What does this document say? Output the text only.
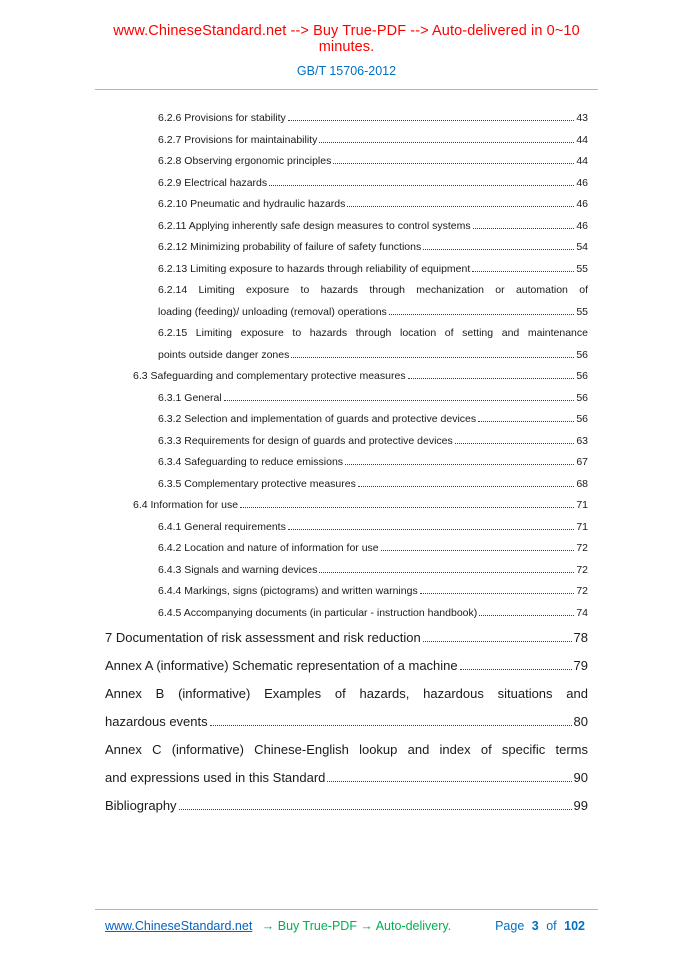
www.ChineseStandard.net --> Buy True-PDF --> Auto-delivered in 0~10 minutes.
GB/T 15706-2012
6.2.6 Provisions for stability	43
6.2.7 Provisions for maintainability	44
6.2.8 Observing ergonomic principles	44
6.2.9 Electrical hazards	46
6.2.10 Pneumatic and hydraulic hazards	46
6.2.11 Applying inherently safe design measures to control systems	46
6.2.12 Minimizing probability of failure of safety functions	54
6.2.13 Limiting exposure to hazards through reliability of equipment	55
6.2.14 Limiting exposure to hazards through mechanization or automation of
loading (feeding)/ unloading (removal) operations	55
6.2.15 Limiting exposure to hazards through location of setting and maintenance
points outside danger zones	56
6.3 Safeguarding and complementary protective measures	56
6.3.1 General	56
6.3.2 Selection and implementation of guards and protective devices	56
6.3.3 Requirements for design of guards and protective devices	63
6.3.4 Safeguarding to reduce emissions	67
6.3.5 Complementary protective measures	68
6.4 Information for use	71
6.4.1 General requirements	71
6.4.2 Location and nature of information for use	72
6.4.3 Signals and warning devices	72
6.4.4 Markings, signs (pictograms) and written warnings	72
6.4.5 Accompanying documents (in particular - instruction handbook)	74
7 Documentation of risk assessment and risk reduction	78
Annex A (informative) Schematic representation of a machine	79
Annex B (informative) Examples of hazards, hazardous situations and
hazardous events	80
Annex C (informative) Chinese-English lookup and index of specific terms
and expressions used in this Standard	90
Bibliography	99
www.ChineseStandard.net → Buy True-PDF → Auto-delivery.	Page 3 of 102
